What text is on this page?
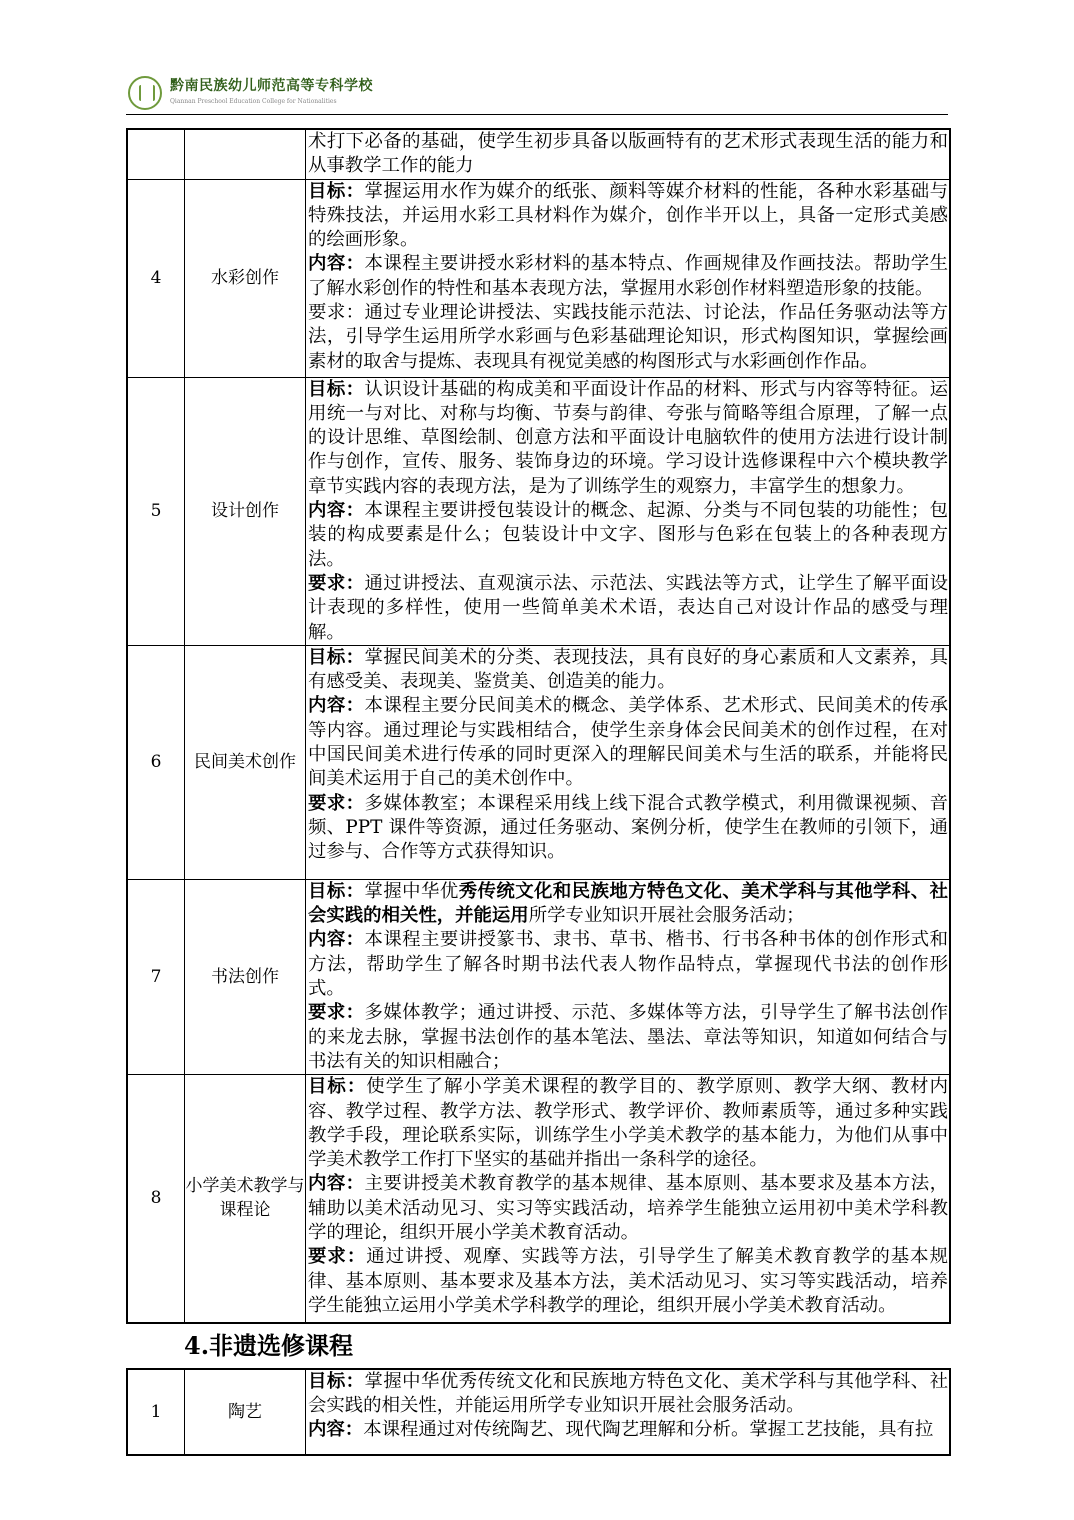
黔南民族幼儿师范高等专科学校
Qiannan Preschool Education College for Nationalities

		术打下必备的基础，使学生初步具备以版画特有的艺术形式表现生活的能力和从事教学工作的能力

4	水彩创作	目标：掌握运用水作为媒介的纸张、颜料等媒介材料的性能，各种水彩基础与特殊技法，并运用水彩工具材料作为媒介，创作半开以上，具备一定形式美感的绘画形象。

内容：本课程主要讲授水彩材料的基本特点、作画规律及作画技法。帮助学生了解水彩创作的特性和基本表现方法，掌握用水彩创作材料塑造形象的技能。

要求：通过专业理论讲授法、实践技能示范法、讨论法，作品任务驱动法等方法，引导学生运用所学水彩画与色彩基础理论知识，形式构图知识，掌握绘画素材的取舍与提炼、表现具有视觉美感的构图形式与水彩画创作作品。

5	设计创作	目标：认识设计基础的构成美和平面设计作品的材料、形式与内容等特征。运用统一与对比、对称与均衡、节奏与韵律、夸张与简略等组合原理，了解一点的设计思维、草图绘制、创意方法和平面设计电脑软件的使用方法进行设计制作与创作，宣传、服务、装饰身边的环境。学习设计选修课程中六个模块教学章节实践内容的表现方法，是为了训练学生的观察力，丰富学生的想象力。

内容：本课程主要讲授包装设计的概念、起源、分类与不同包装的功能性；包装的构成要素是什么；包装设计中文字、图形与色彩在包装上的各种表现方法。

要求：通过讲授法、直观演示法、示范法、实践法等方式，让学生了解平面设计表现的多样性，使用一些简单美术术语，表达自己对设计作品的感受与理解。

6	民间美术创作	目标：掌握民间美术的分类、表现技法，具有良好的身心素质和人文素养，具有感受美、表现美、鉴赏美、创造美的能力。

内容：本课程主要分民间美术的概念、美学体系、艺术形式、民间美术的传承等内容。通过理论与实践相结合，使学生亲身体会民间美术的创作过程，在对中国民间美术进行传承的同时更深入的理解民间美术与生活的联系，并能将民间美术运用于自己的美术创作中。

要求：多媒体教室；本课程采用线上线下混合式教学模式，利用微课视频、音频、PPT 课件等资源，通过任务驱动、案例分析，使学生在教师的引领下，通过参与、合作等方式获得知识。

7	书法创作	目标：掌握中华优秀传统文化和民族地方特色文化、美术学科与其他学科、社会实践的相关性，并能运用所学专业知识开展社会服务活动；

内容：本课程主要讲授篆书、隶书、草书、楷书、行书各种书体的创作形式和方法，帮助学生了解各时期书法代表人物作品特点，掌握现代书法的创作形式。

要求：多媒体教学；通过讲授、示范、多媒体等方法，引导学生了解书法创作的来龙去脉，掌握书法创作的基本笔法、墨法、章法等知识，知道如何结合与书法有关的知识相融合；

8	小学美术教学与课程论	目标：使学生了解小学美术课程的教学目的、教学原则、教学大纲、教材内容、教学过程、教学方法、教学形式、教学评价、教师素质等，通过多种实践教学手段，理论联系实际，训练学生小学美术教学的基本能力，为他们从事中学美术教学工作打下坚实的基础并指出一条科学的途径。

内容：主要讲授美术教育教学的基本规律、基本原则、基本要求及基本方法，辅助以美术活动见习、实习等实践活动，培养学生能独立运用初中美术学科教学的理论，组织开展小学美术教育活动。

要求：通过讲授、观摩、实践等方法，引导学生了解美术教育教学的基本规律、基本原则、基本要求及基本方法，美术活动见习、实习等实践活动，培养学生能独立运用小学美术学科教学的理论，组织开展小学美术教育活动。

4.非遗选修课程
1	陶艺	

目标：掌握中华优秀传统文化和民族地方特色文化、美术学科与其他学科、社会实践的相关性，并能运用所学专业知识开展社会服务活动。

内容：本课程通过对传统陶艺、现代陶艺理解和分析。掌握工艺技能，具有拉
